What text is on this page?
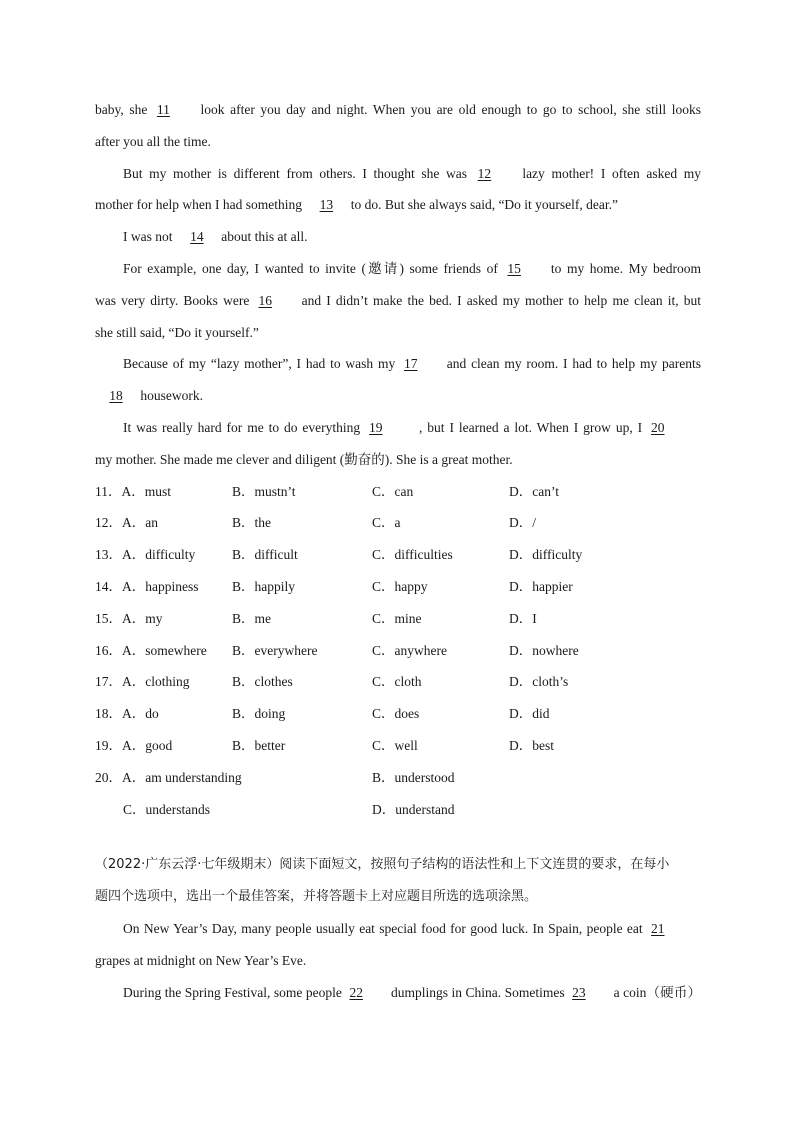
baby, she 11 look after you day and night. When you are old enough to go to school, she still looks
after you all the time.
But my mother is different from others. I thought she was 12 lazy mother! I often asked my
mother for help when I had something 13 to do. But she always said, “Do it yourself, dear.”
I was not 14 about this at all.
For example, one day, I wanted to invite (邀请) some friends of 15 to my home. My bedroom
was very dirty. Books were 16 and I didn’t make the bed. I asked my mother to help me clean it, but
she still said, “Do it yourself.”
Because of my “lazy mother”, I had to wash my 17 and clean my room. I had to help my parents
18 housework.
It was really hard for me to do everything 19	, but I learned a lot. When I grow up, I 20
my mother. She made me clever and diligent (勤奋的). She is a great mother.
11．A．must	B．mustn’t	C．can	D．can’t
12．A．an	B．the	C．a	D．/
13．A．difficulty	B．difficult	C．difficulties	D．difficulty
14．A．happiness B．happily	C．happy	D．happier
15．A．my	B．me	C．mine	D．I
16．A．somewhere B．everywhere	C．anywhere	D．nowhere
17．A．clothing	B．clothes	C．cloth	D．cloth’s
18．A．do	B．doing	C．does	D．did
19．A．good	B．better	C．well	D．best
20．A．am understanding	B．understood
C．understands	D．understand
（2022·广东云浮·七年级期末）阅读下面短文，按照句子结构的语法性和上下文连贯的要求，在每小
题四个选项中，选出一个最佳答案，并将答题卡上对应题目所选的选项涂黑。
On New Year’s Day, many people usually eat special food for good luck. In Spain, people eat 21
grapes at midnight on New Year’s Eve.
During the Spring Festival, some people 22 dumplings in China. Sometimes 23 a coin（硬币）
